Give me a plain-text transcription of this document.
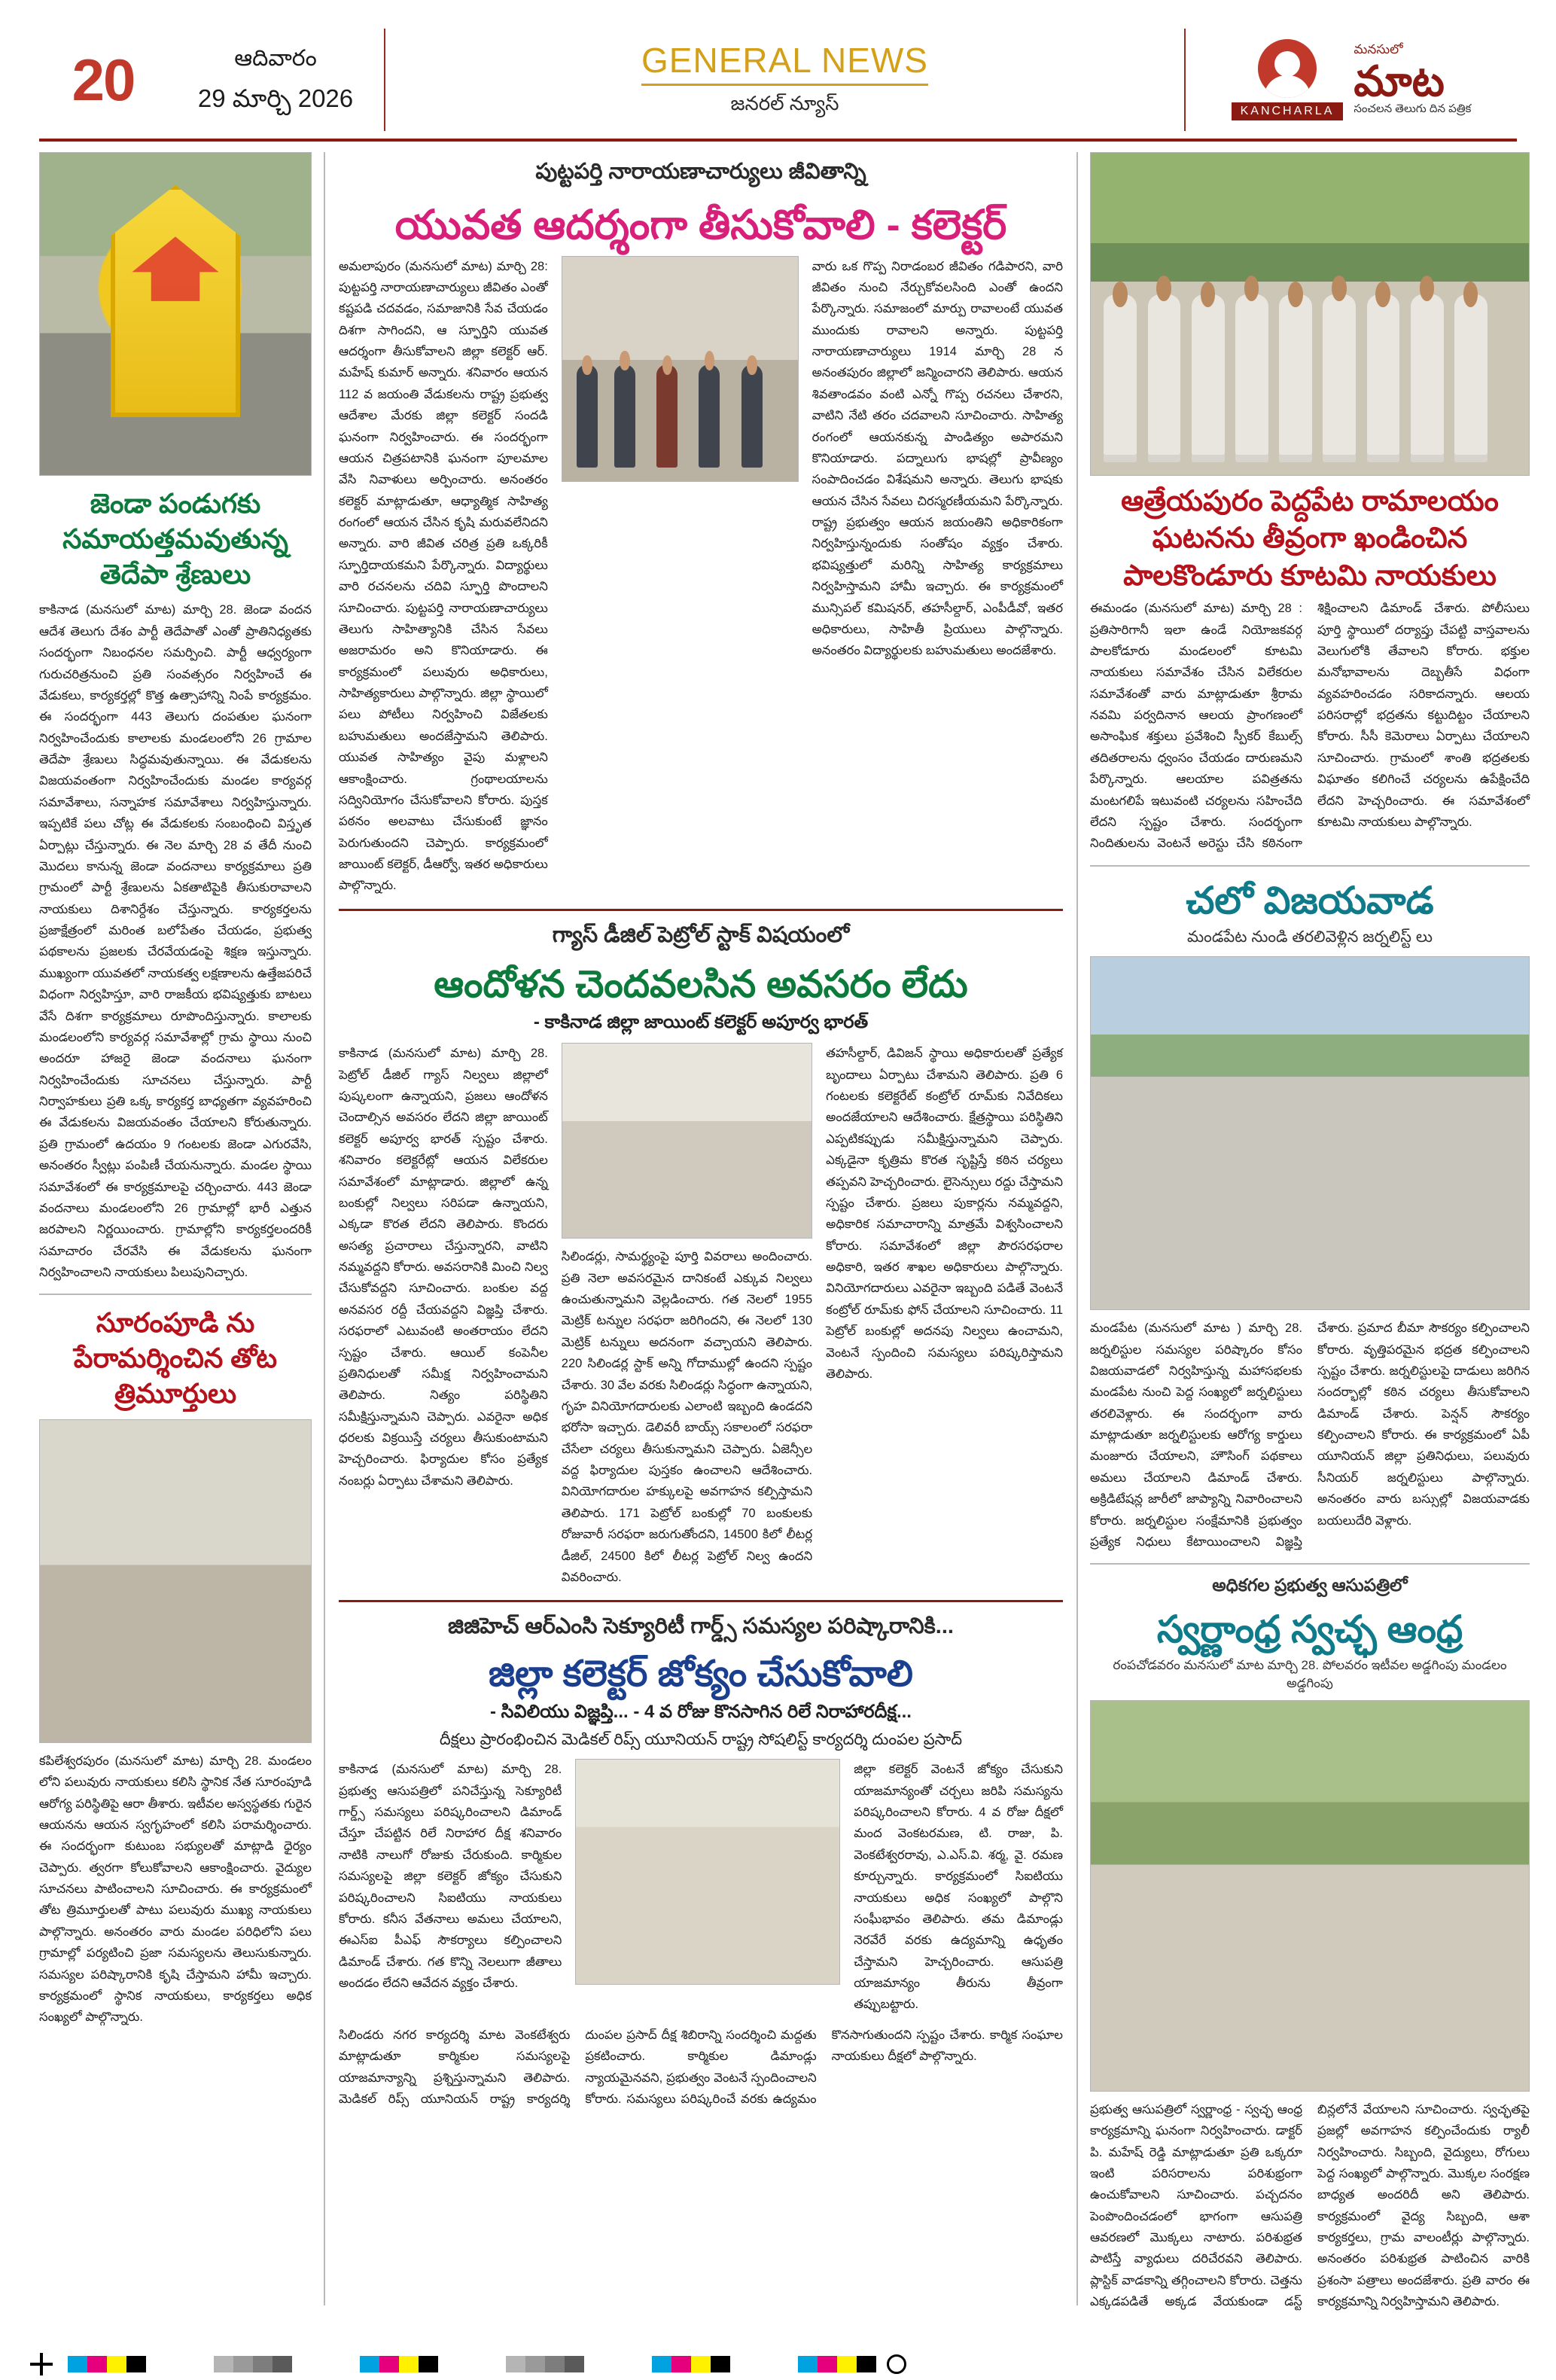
20	ఆదివారం
29 మార్చి 2026
GENERAL NEWS
జనరల్ న్యూస్	KANCHARLA
మనసులో
మాట
సంచలన తెలుగు దిన పత్రిక
జెండా పండుగకు సమాయత్తమవుతున్న తెదేపా శ్రేణులు
కాకినాడ (మనసులో మాట) మార్చి 28. జెండా వందన ఆదేశ తెలుగు దేశం పార్టీ తెదేపాతో ఎంతో ప్రాతినిధ్యతకు సందర్భంగా నిబంధనల సమర్పించి. పార్టీ ఆధ్వర్యంగా గురుచరిత్రనుంచి ప్రతి సంవత్సరం నిర్వహించే ఈ వేడుకలు, కార్యకర్తల్లో కొత్త ఉత్సాహాన్ని నింపే కార్యక్రమం. ఈ సందర్భంగా 443 తెలుగు దంపతుల ఘనంగా నిర్వహించేందుకు కాలాలకు మండలంలోని 26 గ్రామాల తెదేపా శ్రేణులు సిద్ధమవుతున్నాయి. ఈ వేడుకలను విజయవంతంగా నిర్వహించేందుకు మండల కార్యవర్గ సమావేశాలు, సన్నాహక సమావేశాలు నిర్వహిస్తున్నారు. ఇప్పటికే పలు చోట్ల ఈ వేడుకలకు సంబంధించి విస్తృత ఏర్పాట్లు చేస్తున్నారు. ఈ నెల మార్చి 28 వ తేదీ నుంచి మొదలు కానున్న జెండా వందనాలు కార్యక్రమాలు ప్రతి గ్రామంలో పార్టీ శ్రేణులను ఏకతాటిపైకి తీసుకురావాలని నాయకులు దిశానిర్దేశం చేస్తున్నారు. కార్యకర్తలను ప్రజాక్షేత్రంలో మరింత బలోపేతం చేయడం, ప్రభుత్వ పథకాలను ప్రజలకు చేరవేయడంపై శిక్షణ ఇస్తున్నారు. ముఖ్యంగా యువతలో నాయకత్వ లక్షణాలను ఉత్తేజపరిచే విధంగా నిర్వహిస్తూ, వారి రాజకీయ భవిష్యత్తుకు బాటలు వేసే దిశగా కార్యక్రమాలు రూపొందిస్తున్నారు. కాలాలకు మండలంలోని కార్యవర్గ సమావేశాల్లో గ్రామ స్థాయి నుంచి అందరూ హాజరై జెండా వందనాలు ఘనంగా నిర్వహించేందుకు సూచనలు చేస్తున్నారు. పార్టీ నిర్వాహకులు ప్రతి ఒక్క కార్యకర్త బాధ్యతగా వ్యవహరించి ఈ వేడుకలను విజయవంతం చేయాలని కోరుతున్నారు. ప్రతి గ్రామంలో ఉదయం 9 గంటలకు జెండా ఎగురవేసి, అనంతరం స్వీట్లు పంపిణీ చేయనున్నారు. మండల స్థాయి సమావేశంలో ఈ కార్యక్రమాలపై చర్చించారు. 443 జెండా వందనాలు మండలంలోని 26 గ్రామాల్లో భారీ ఎత్తున జరపాలని నిర్ణయించారు. గ్రామాల్లోని కార్యకర్తలందరికీ సమాచారం చేరవేసి ఈ వేడుకలను ఘనంగా నిర్వహించాలని నాయకులు పిలుపునిచ్చారు.
సూరంపూడి ను పేరామర్శించిన తోట త్రిమూర్తులు
కపిలేశ్వరపురం (మనసులో మాట) మార్చి 28. మండలం లోని పలువురు నాయకులు కలిసి స్థానిక నేత సూరంపూడి ఆరోగ్య పరిస్థితిపై ఆరా తీశారు. ఇటీవల అస్వస్థతకు గురైన ఆయనను ఆయన స్వగృహంలో కలిసి పరామర్శించారు. ఈ సందర్భంగా కుటుంబ సభ్యులతో మాట్లాడి ధైర్యం చెప్పారు. త్వరగా కోలుకోవాలని ఆకాంక్షించారు. వైద్యుల సూచనలు పాటించాలని సూచించారు. ఈ కార్యక్రమంలో తోట త్రిమూర్తులతో పాటు పలువురు ముఖ్య నాయకులు పాల్గొన్నారు. అనంతరం వారు మండల పరిధిలోని పలు గ్రామాల్లో పర్యటించి ప్రజా సమస్యలను తెలుసుకున్నారు. సమస్యల పరిష్కారానికి కృషి చేస్తామని హామీ ఇచ్చారు. కార్యక్రమంలో స్థానిక నాయకులు, కార్యకర్తలు అధిక సంఖ్యలో పాల్గొన్నారు.
పుట్టపర్తి నారాయణాచార్యులు జీవితాన్ని
యువత ఆదర్శంగా తీసుకోవాలి - కలెక్టర్
అమలాపురం (మనసులో మాట) మార్చి 28: పుట్టపర్తి నారాయణాచార్యులు జీవితం ఎంతో కష్టపడి చదవడం, సమాజానికి సేవ చేయడం దిశగా సాగిందని, ఆ స్ఫూర్తిని యువత ఆదర్శంగా తీసుకోవాలని జిల్లా కలెక్టర్ ఆర్. మహేష్ కుమార్ అన్నారు. శనివారం ఆయన 112 వ జయంతి వేడుకలను రాష్ట్ర ప్రభుత్వ ఆదేశాల మేరకు జిల్లా కలెక్టర్ సందడి ఘనంగా నిర్వహించారు. ఈ సందర్భంగా ఆయన చిత్రపటానికి ఘనంగా పూలమాల వేసి నివాళులు అర్పించారు. అనంతరం కలెక్టర్ మాట్లాడుతూ, ఆధ్యాత్మిక సాహిత్య రంగంలో ఆయన చేసిన కృషి మరువలేనిదని అన్నారు. వారి జీవిత చరిత్ర ప్రతి ఒక్కరికీ స్ఫూర్తిదాయకమని పేర్కొన్నారు. విద్యార్థులు వారి రచనలను చదివి స్ఫూర్తి పొందాలని సూచించారు. పుట్టపర్తి నారాయణాచార్యులు తెలుగు సాహిత్యానికి చేసిన సేవలు అజరామరం అని కొనియాడారు. ఈ కార్యక్రమంలో పలువురు అధికారులు, సాహిత్యకారులు పాల్గొన్నారు. జిల్లా స్థాయిలో పలు పోటీలు నిర్వహించి విజేతలకు బహుమతులు అందజేస్తామని తెలిపారు. యువత సాహిత్యం వైపు మళ్లాలని ఆకాంక్షించారు. గ్రంథాలయాలను సద్వినియోగం చేసుకోవాలని కోరారు. పుస్తక పఠనం అలవాటు చేసుకుంటే జ్ఞానం పెరుగుతుందని చెప్పారు. కార్యక్రమంలో జాయింట్ కలెక్టర్, డీఆర్వో, ఇతర అధికారులు పాల్గొన్నారు.
వారు ఒక గొప్ప నిరాడంబర జీవితం గడిపారని, వారి జీవితం నుంచి నేర్చుకోవలసింది ఎంతో ఉందని పేర్కొన్నారు. సమాజంలో మార్పు రావాలంటే యువత ముందుకు రావాలని అన్నారు. పుట్టపర్తి నారాయణాచార్యులు 1914 మార్చి 28 న అనంతపురం జిల్లాలో జన్మించారని తెలిపారు. ఆయన శివతాండవం వంటి ఎన్నో గొప్ప రచనలు చేశారని, వాటిని నేటి తరం చదవాలని సూచించారు. సాహిత్య రంగంలో ఆయనకున్న పాండిత్యం అపారమని కొనియాడారు. పద్నాలుగు భాషల్లో ప్రావీణ్యం సంపాదించడం విశేషమని అన్నారు. తెలుగు భాషకు ఆయన చేసిన సేవలు చిరస్మరణీయమని పేర్కొన్నారు. రాష్ట్ర ప్రభుత్వం ఆయన జయంతిని అధికారికంగా నిర్వహిస్తున్నందుకు సంతోషం వ్యక్తం చేశారు. భవిష్యత్తులో మరిన్ని సాహిత్య కార్యక్రమాలు నిర్వహిస్తామని హామీ ఇచ్చారు. ఈ కార్యక్రమంలో మున్సిపల్ కమిషనర్, తహసీల్దార్, ఎంపీడీవో, ఇతర అధికారులు, సాహితీ ప్రియులు పాల్గొన్నారు. అనంతరం విద్యార్థులకు బహుమతులు అందజేశారు.
గ్యాస్ డీజిల్ పెట్రోల్ స్టాక్ విషయంలో
ఆందోళన చెందవలసిన అవసరం లేదు
- కాకినాడ జిల్లా జాయింట్ కలెక్టర్ అపూర్వ భారత్
కాకినాడ (మనసులో మాట) మార్చి 28. పెట్రోల్ డీజిల్ గ్యాస్ నిల్వలు జిల్లాలో పుష్కలంగా ఉన్నాయని, ప్రజలు ఆందోళన చెందాల్సిన అవసరం లేదని జిల్లా జాయింట్ కలెక్టర్ అపూర్వ భారత్ స్పష్టం చేశారు. శనివారం కలెక్టరేట్లో ఆయన విలేకరుల సమావేశంలో మాట్లాడారు. జిల్లాలో ఉన్న బంకుల్లో నిల్వలు సరిపడా ఉన్నాయని, ఎక్కడా కొరత లేదని తెలిపారు. కొందరు అసత్య ప్రచారాలు చేస్తున్నారని, వాటిని నమ్మవద్దని కోరారు. అవసరానికి మించి నిల్వ చేసుకోవద్దని సూచించారు. బంకుల వద్ద అనవసర రద్దీ చేయవద్దని విజ్ఞప్తి చేశారు. సరఫరాలో ఎటువంటి అంతరాయం లేదని స్పష్టం చేశారు. ఆయిల్ కంపెనీల ప్రతినిధులతో సమీక్ష నిర్వహించామని తెలిపారు. నిత్యం పరిస్థితిని సమీక్షిస్తున్నామని చెప్పారు. ఎవరైనా అధిక ధరలకు విక్రయిస్తే చర్యలు తీసుకుంటామని హెచ్చరించారు. ఫిర్యాదుల కోసం ప్రత్యేక నంబర్లు ఏర్పాటు చేశామని తెలిపారు.
సిలిండర్లు, సామర్థ్యంపై పూర్తి వివరాలు అందించారు. ప్రతి నెలా అవసరమైన దానికంటే ఎక్కువ నిల్వలు ఉంచుతున్నామని వెల్లడించారు. గత నెలలో 1955 మెట్రిక్ టన్నుల సరఫరా జరిగిందని, ఈ నెలలో 130 మెట్రిక్ టన్నులు అదనంగా వచ్చాయని తెలిపారు. 220 సిలిండర్ల స్టాక్ అన్ని గోదాముల్లో ఉందని స్పష్టం చేశారు. 30 వేల వరకు సిలిండర్లు సిద్ధంగా ఉన్నాయని, గృహ వినియోగదారులకు ఎలాంటి ఇబ్బంది ఉండదని భరోసా ఇచ్చారు. డెలివరీ బాయ్స్ సకాలంలో సరఫరా చేసేలా చర్యలు తీసుకున్నామని చెప్పారు. ఏజెన్సీల వద్ద ఫిర్యాదుల పుస్తకం ఉంచాలని ఆదేశించారు. వినియోగదారుల హక్కులపై అవగాహన కల్పిస్తామని తెలిపారు. 171 పెట్రోల్ బంకుల్లో 70 బంకులకు రోజువారీ సరఫరా జరుగుతోందని, 14500 కిలో లీటర్ల డీజిల్, 24500 కిలో లీటర్ల పెట్రోల్ నిల్వ ఉందని వివరించారు.
తహసీల్దార్, డివిజన్ స్థాయి అధికారులతో ప్రత్యేక బృందాలు ఏర్పాటు చేశామని తెలిపారు. ప్రతి 6 గంటలకు కలెక్టరేట్ కంట్రోల్ రూమ్‌కు నివేదికలు అందజేయాలని ఆదేశించారు. క్షేత్రస్థాయి పరిస్థితిని ఎప్పటికప్పుడు సమీక్షిస్తున్నామని చెప్పారు. ఎక్కడైనా కృత్రిమ కొరత సృష్టిస్తే కఠిన చర్యలు తప్పవని హెచ్చరించారు. లైసెన్సులు రద్దు చేస్తామని స్పష్టం చేశారు. ప్రజలు పుకార్లను నమ్మవద్దని, అధికారిక సమాచారాన్ని మాత్రమే విశ్వసించాలని కోరారు. సమావేశంలో జిల్లా పౌరసరఫరాల అధికారి, ఇతర శాఖల అధికారులు పాల్గొన్నారు. వినియోగదారులు ఎవరైనా ఇబ్బంది పడితే వెంటనే కంట్రోల్ రూమ్‌కు ఫోన్ చేయాలని సూచించారు. 11 పెట్రోల్ బంకుల్లో అదనపు నిల్వలు ఉంచామని, వెంటనే స్పందించి సమస్యలు పరిష్కరిస్తామని తెలిపారు.
జిజిహెచ్ ఆర్ఎంసి సెక్యూరిటీ గార్డ్స్ సమస్యల పరిష్కారానికి...
జిల్లా కలెక్టర్ జోక్యం చేసుకోవాలి
- సివిలియు విజ్ఞప్తి... - 4 వ రోజు కొనసాగిన రిలే నిరాహారదీక్ష...
దీక్షలు ప్రారంభించిన మెడికల్ రిప్స్ యూనియన్ రాష్ట్ర సోషలిస్ట్ కార్యదర్శి దుంపల ప్రసాద్
కాకినాడ (మనసులో మాట) మార్చి 28. ప్రభుత్వ ఆసుపత్రిలో పనిచేస్తున్న సెక్యూరిటీ గార్డ్స్ సమస్యలు పరిష్కరించాలని డిమాండ్ చేస్తూ చేపట్టిన రిలే నిరాహార దీక్ష శనివారం నాటికి నాలుగో రోజుకు చేరుకుంది. కార్మికుల సమస్యలపై జిల్లా కలెక్టర్ జోక్యం చేసుకుని పరిష్కరించాలని సిఐటియు నాయకులు కోరారు. కనీస వేతనాలు అమలు చేయాలని, ఈఎస్ఐ పీఎఫ్ సౌకర్యాలు కల్పించాలని డిమాండ్ చేశారు. గత కొన్ని నెలలుగా జీతాలు అందడం లేదని ఆవేదన వ్యక్తం చేశారు.
జిల్లా కలెక్టర్ వెంటనే జోక్యం చేసుకుని యాజమాన్యంతో చర్చలు జరిపి సమస్యను పరిష్కరించాలని కోరారు. 4 వ రోజు దీక్షలో మంద వెంకటరమణ, టి. రాజు, పి. వెంకటేశ్వరరావు, ఎ.ఎస్.వి. శర్మ, వై. రమణ కూర్చున్నారు. కార్యక్రమంలో సిఐటియు నాయకులు అధిక సంఖ్యలో పాల్గొని సంఘీభావం తెలిపారు. తమ డిమాండ్లు నెరవేరే వరకు ఉద్యమాన్ని ఉధృతం చేస్తామని హెచ్చరించారు. ఆసుపత్రి యాజమాన్యం తీరును తీవ్రంగా తప్పుబట్టారు.
సిలిండరు నగర కార్యదర్శి మాట వెంకటేశ్వరు మాట్లాడుతూ కార్మికుల సమస్యలపై యాజమాన్యాన్ని ప్రశ్నిస్తున్నామని తెలిపారు. మెడికల్ రిప్స్ యూనియన్ రాష్ట్ర కార్యదర్శి దుంపల ప్రసాద్ దీక్ష శిబిరాన్ని సందర్శించి మద్దతు ప్రకటించారు. కార్మికుల డిమాండ్లు న్యాయమైనవని, ప్రభుత్వం వెంటనే స్పందించాలని కోరారు. సమస్యలు పరిష్కరించే వరకు ఉద్యమం కొనసాగుతుందని స్పష్టం చేశారు. కార్మిక సంఘాల నాయకులు దీక్షలో పాల్గొన్నారు.
ఆత్రేయపురం పెద్దపేట రామాలయం ఘటనను తీవ్రంగా ఖండించిన పాలకొండూరు కూటమి నాయకులు
ఈమండం (మనసులో మాట) మార్చి 28 : ప్రతిసారిగానీ ఇలా ఉండే నియోజకవర్గ పాలకోడూరు మండలంలో కూటమి నాయకులు సమావేశం చేసిన విలేకరుల సమావేశంతో వారు మాట్లాడుతూ శ్రీరామ నవమి పర్వదినాన ఆలయ ప్రాంగణంలో అసాంఘిక శక్తులు ప్రవేశించి స్పీకర్ కేబుల్స్ తదితరాలను ధ్వంసం చేయడం దారుణమని పేర్కొన్నారు. ఆలయాల పవిత్రతను మంటగలిపే ఇటువంటి చర్యలను సహించేది లేదని స్పష్టం చేశారు. సందర్భంగా నిందితులను వెంటనే అరెస్టు చేసి కఠినంగా శిక్షించాలని డిమాండ్ చేశారు. పోలీసులు పూర్తి స్థాయిలో దర్యాప్తు చేపట్టి వాస్తవాలను వెలుగులోకి తేవాలని కోరారు. భక్తుల మనోభావాలను దెబ్బతీసే విధంగా వ్యవహరించడం సరికాదన్నారు. ఆలయ పరిసరాల్లో భద్రతను కట్టుదిట్టం చేయాలని కోరారు. సీసీ కెమెరాలు ఏర్పాటు చేయాలని సూచించారు. గ్రామంలో శాంతి భద్రతలకు విఘాతం కలిగించే చర్యలను ఉపేక్షించేది లేదని హెచ్చరించారు. ఈ సమావేశంలో కూటమి నాయకులు పాల్గొన్నారు.
చలో విజయవాడ
మండపేట నుండి తరలివెళ్లిన జర్నలిస్ట్ లు
మండపేట (మనసులో మాట ) మార్చి 28. జర్నలిస్టుల సమస్యల పరిష్కారం కోసం విజయవాడలో నిర్వహిస్తున్న మహాసభలకు మండపేట నుంచి పెద్ద సంఖ్యలో జర్నలిస్టులు తరలివెళ్లారు. ఈ సందర్భంగా వారు మాట్లాడుతూ జర్నలిస్టులకు ఆరోగ్య కార్డులు మంజూరు చేయాలని, హౌసింగ్ పథకాలు అమలు చేయాలని డిమాండ్ చేశారు. అక్రిడిటేషన్ల జారీలో జాప్యాన్ని నివారించాలని కోరారు. జర్నలిస్టుల సంక్షేమానికి ప్రభుత్వం ప్రత్యేక నిధులు కేటాయించాలని విజ్ఞప్తి చేశారు. ప్రమాద బీమా సౌకర్యం కల్పించాలని కోరారు. వృత్తిపరమైన భద్రత కల్పించాలని స్పష్టం చేశారు. జర్నలిస్టులపై దాడులు జరిగిన సందర్భాల్లో కఠిన చర్యలు తీసుకోవాలని డిమాండ్ చేశారు. పెన్షన్ సౌకర్యం కల్పించాలని కోరారు. ఈ కార్యక్రమంలో ఏపీ యూనియన్ జిల్లా ప్రతినిధులు, పలువురు సీనియర్ జర్నలిస్టులు పాల్గొన్నారు. అనంతరం వారు బస్సుల్లో విజయవాడకు బయలుదేరి వెళ్లారు.
అధికగల ప్రభుత్వ ఆసుపత్రిలో
స్వర్ణాంధ్ర స్వచ్ఛ ఆంధ్ర
రంపచోడవరం మనసులో మాట మార్చి 28. పోలవరం ఇటీవల అడ్డగింపు మండలం అడ్డగింపు
ప్రభుత్వ ఆసుపత్రిలో స్వర్ణాంధ్ర - స్వచ్ఛ ఆంధ్ర కార్యక్రమాన్ని ఘనంగా నిర్వహించారు. డాక్టర్ పి. మహేష్ రెడ్డి మాట్లాడుతూ ప్రతి ఒక్కరూ ఇంటి పరిసరాలను పరిశుభ్రంగా ఉంచుకోవాలని సూచించారు. పచ్చదనం పెంపొందించడంలో భాగంగా ఆసుపత్రి ఆవరణలో మొక్కలు నాటారు. పరిశుభ్రత పాటిస్తే వ్యాధులు దరిచేరవని తెలిపారు. ప్లాస్టిక్ వాడకాన్ని తగ్గించాలని కోరారు. చెత్తను ఎక్కడపడితే అక్కడ వేయకుండా డస్ట్ బిన్లలోనే వేయాలని సూచించారు. స్వచ్ఛతపై ప్రజల్లో అవగాహన కల్పించేందుకు ర్యాలీ నిర్వహించారు. సిబ్బంది, వైద్యులు, రోగులు పెద్ద సంఖ్యలో పాల్గొన్నారు. మొక్కల సంరక్షణ బాధ్యత అందరిదీ అని తెలిపారు. కార్యక్రమంలో వైద్య సిబ్బంది, ఆశా కార్యకర్తలు, గ్రామ వాలంటీర్లు పాల్గొన్నారు. అనంతరం పరిశుభ్రత పాటించిన వారికి ప్రశంసా పత్రాలు అందజేశారు. ప్రతి వారం ఈ కార్యక్రమాన్ని నిర్వహిస్తామని తెలిపారు.
